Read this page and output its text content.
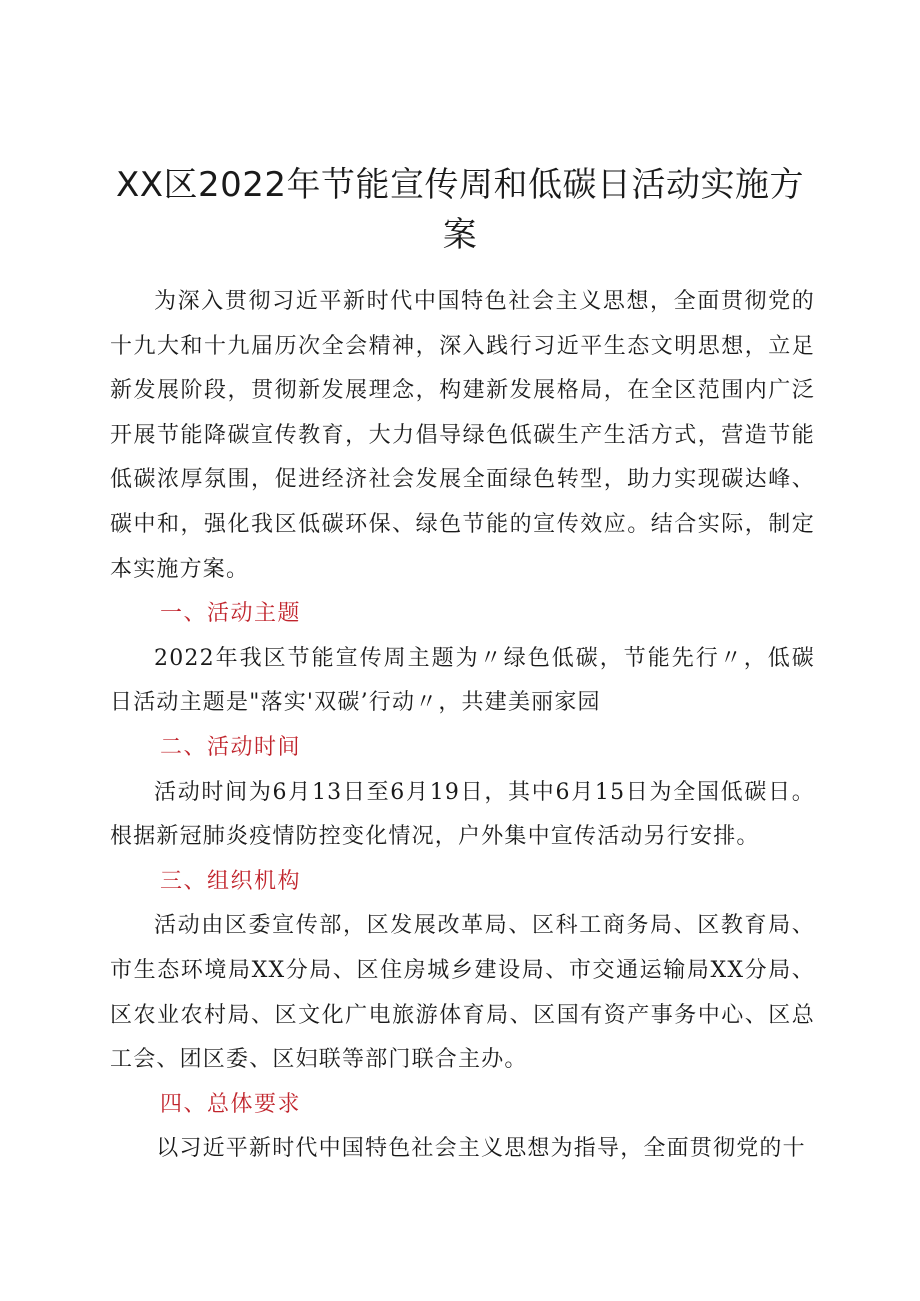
XX区2022年节能宣传周和低碳日活动实施方案

为深入贯彻习近平新时代中国特色社会主义思想，全面贯彻党的十九大和十九届历次全会精神，深入践行习近平生态文明思想，立足新发展阶段，贯彻新发展理念，构建新发展格局，在全区范围内广泛开展节能降碳宣传教育，大力倡导绿色低碳生产生活方式，营造节能低碳浓厚氛围，促进经济社会发展全面绿色转型，助力实现碳达峰、碳中和，强化我区低碳环保、绿色节能的宣传效应。结合实际，制定本实施方案。

一、活动主题

2022年我区节能宣传周主题为〃绿色低碳，节能先行〃，低碳日活动主题是"落实'双碳’行动〃，共建美丽家园

二、活动时间

活动时间为6月13日至6月19日，其中6月15日为全国低碳日。根据新冠肺炎疫情防控变化情况，户外集中宣传活动另行安排。

三、组织机构

活动由区委宣传部，区发展改革局、区科工商务局、区教育局、市生态环境局XX分局、区住房城乡建设局、市交通运输局XX分局、区农业农村局、区文化广电旅游体育局、区国有资产事务中心、区总工会、团区委、区妇联等部门联合主办。

四、总体要求

以习近平新时代中国特色社会主义思想为指导，全面贯彻党的十
